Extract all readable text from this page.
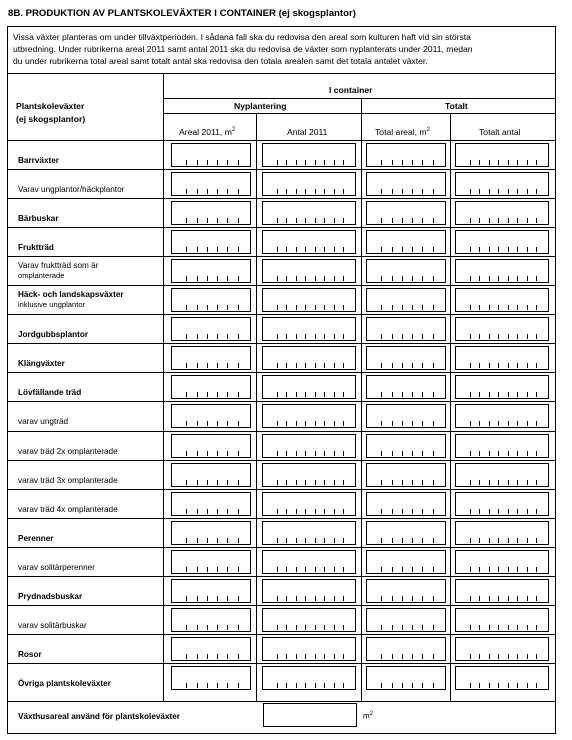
8B. PRODUKTION AV PLANTSKOLEVÄXTER I CONTAINER (ej skogsplantor)
Vissa växter planteras om under tillväxtperioden. I sådana fall ska du redovisa den areal som kulturen haft vid sin största
utbredning. Under rubrikerna areal 2011 samt antal 2011 ska du redovisa de växter som nyplanterats under 2011, medan
du under rubrikerna total areal samt totalt antal ska redovisa den totala arealen samt det totala antalet växter.
Plantskoleväxter
(ej skogsplantor)
I container
Nyplantering	Totalt
Areal 2011, $m^2$	Antal 2011	Total areal, $m^2$	Totalt antal
Barrväxter
Varav ungplantor/häckplantor
Bärbuskar
Fruktträd
Varav fruktträd som är
omplanterade
Häck- och landskapsväxter
inklusive ungplantor
Jordgubbsplantor
Klängväxter
Lövfällande träd
varav ungträd
varav träd 2x omplanterade
varav träd 3x omplanterade
varav träd 4x omplanterade
Perenner
varav solitärperenner
Prydnadsbuskar
varav solitärbuskar
Rosor
Övriga plantskoleväxter
Växthusareal använd för plantskoleväxter	$m^2$
